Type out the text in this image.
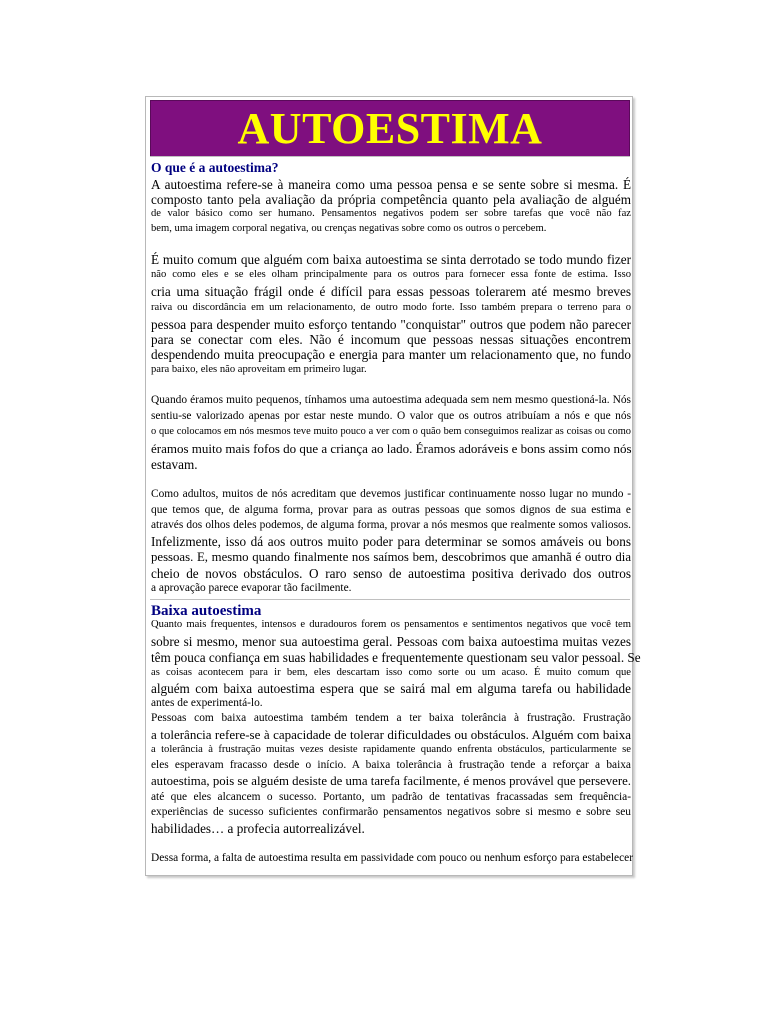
AUTOESTIMA
O que é a autoestima?
A autoestima refere-se à maneira como uma pessoa pensa e se sente sobre si mesma. É
composto tanto pela avaliação da própria competência quanto pela avaliação de alguém
de valor básico como ser humano. Pensamentos negativos podem ser sobre tarefas que você não faz
bem, uma imagem corporal negativa, ou crenças negativas sobre como os outros o percebem.
É muito comum que alguém com baixa autoestima se sinta derrotado se todo mundo fizer
não como eles e se eles olham principalmente para os outros para fornecer essa fonte de estima. Isso
cria uma situação frágil onde é difícil para essas pessoas tolerarem até mesmo breves
raiva ou discordância em um relacionamento, de outro modo forte. Isso também prepara o terreno para o
pessoa para despender muito esforço tentando "conquistar" outros que podem não parecer
para se conectar com eles. Não é incomum que pessoas nessas situações encontrem
despendendo muita preocupação e energia para manter um relacionamento que, no fundo
para baixo, eles não aproveitam em primeiro lugar.
Quando éramos muito pequenos, tínhamos uma autoestima adequada sem nem mesmo questioná-la. Nós
sentiu-se valorizado apenas por estar neste mundo. O valor que os outros atribuíam a nós e que nós
o que colocamos em nós mesmos teve muito pouco a ver com o quão bem conseguimos realizar as coisas ou como
éramos muito mais fofos do que a criança ao lado. Éramos adoráveis e bons assim como nós
estavam.
Como adultos, muitos de nós acreditam que devemos justificar continuamente nosso lugar no mundo -
que temos que, de alguma forma, provar para as outras pessoas que somos dignos de sua estima e
através dos olhos deles podemos, de alguma forma, provar a nós mesmos que realmente somos valiosos.
Infelizmente, isso dá aos outros muito poder para determinar se somos amáveis ou bons
pessoas. E, mesmo quando finalmente nos saímos bem, descobrimos que amanhã é outro dia
cheio de novos obstáculos. O raro senso de autoestima positiva derivado dos outros
a aprovação parece evaporar tão facilmente.
Baixa autoestima
Quanto mais frequentes, intensos e duradouros forem os pensamentos e sentimentos negativos que você tem
sobre si mesmo, menor sua autoestima geral. Pessoas com baixa autoestima muitas vezes
têm pouca confiança em suas habilidades e frequentemente questionam seu valor pessoal. Se
as coisas acontecem para ir bem, eles descartam isso como sorte ou um acaso. É muito comum que
alguém com baixa autoestima espera que se sairá mal em alguma tarefa ou habilidade
antes de experimentá-lo.
Pessoas com baixa autoestima também tendem a ter baixa tolerância à frustração. Frustração
a tolerância refere-se à capacidade de tolerar dificuldades ou obstáculos. Alguém com baixa
a tolerância à frustração muitas vezes desiste rapidamente quando enfrenta obstáculos, particularmente se
eles esperavam fracasso desde o início. A baixa tolerância à frustração tende a reforçar a baixa
autoestima, pois se alguém desiste de uma tarefa facilmente, é menos provável que persevere.
até que eles alcancem o sucesso. Portanto, um padrão de tentativas fracassadas sem frequência-
experiências de sucesso suficientes confirmarão pensamentos negativos sobre si mesmo e sobre seu
habilidades… a profecia autorrealizável.
Dessa forma, a falta de autoestima resulta em passividade com pouco ou nenhum esforço para estabelecer
